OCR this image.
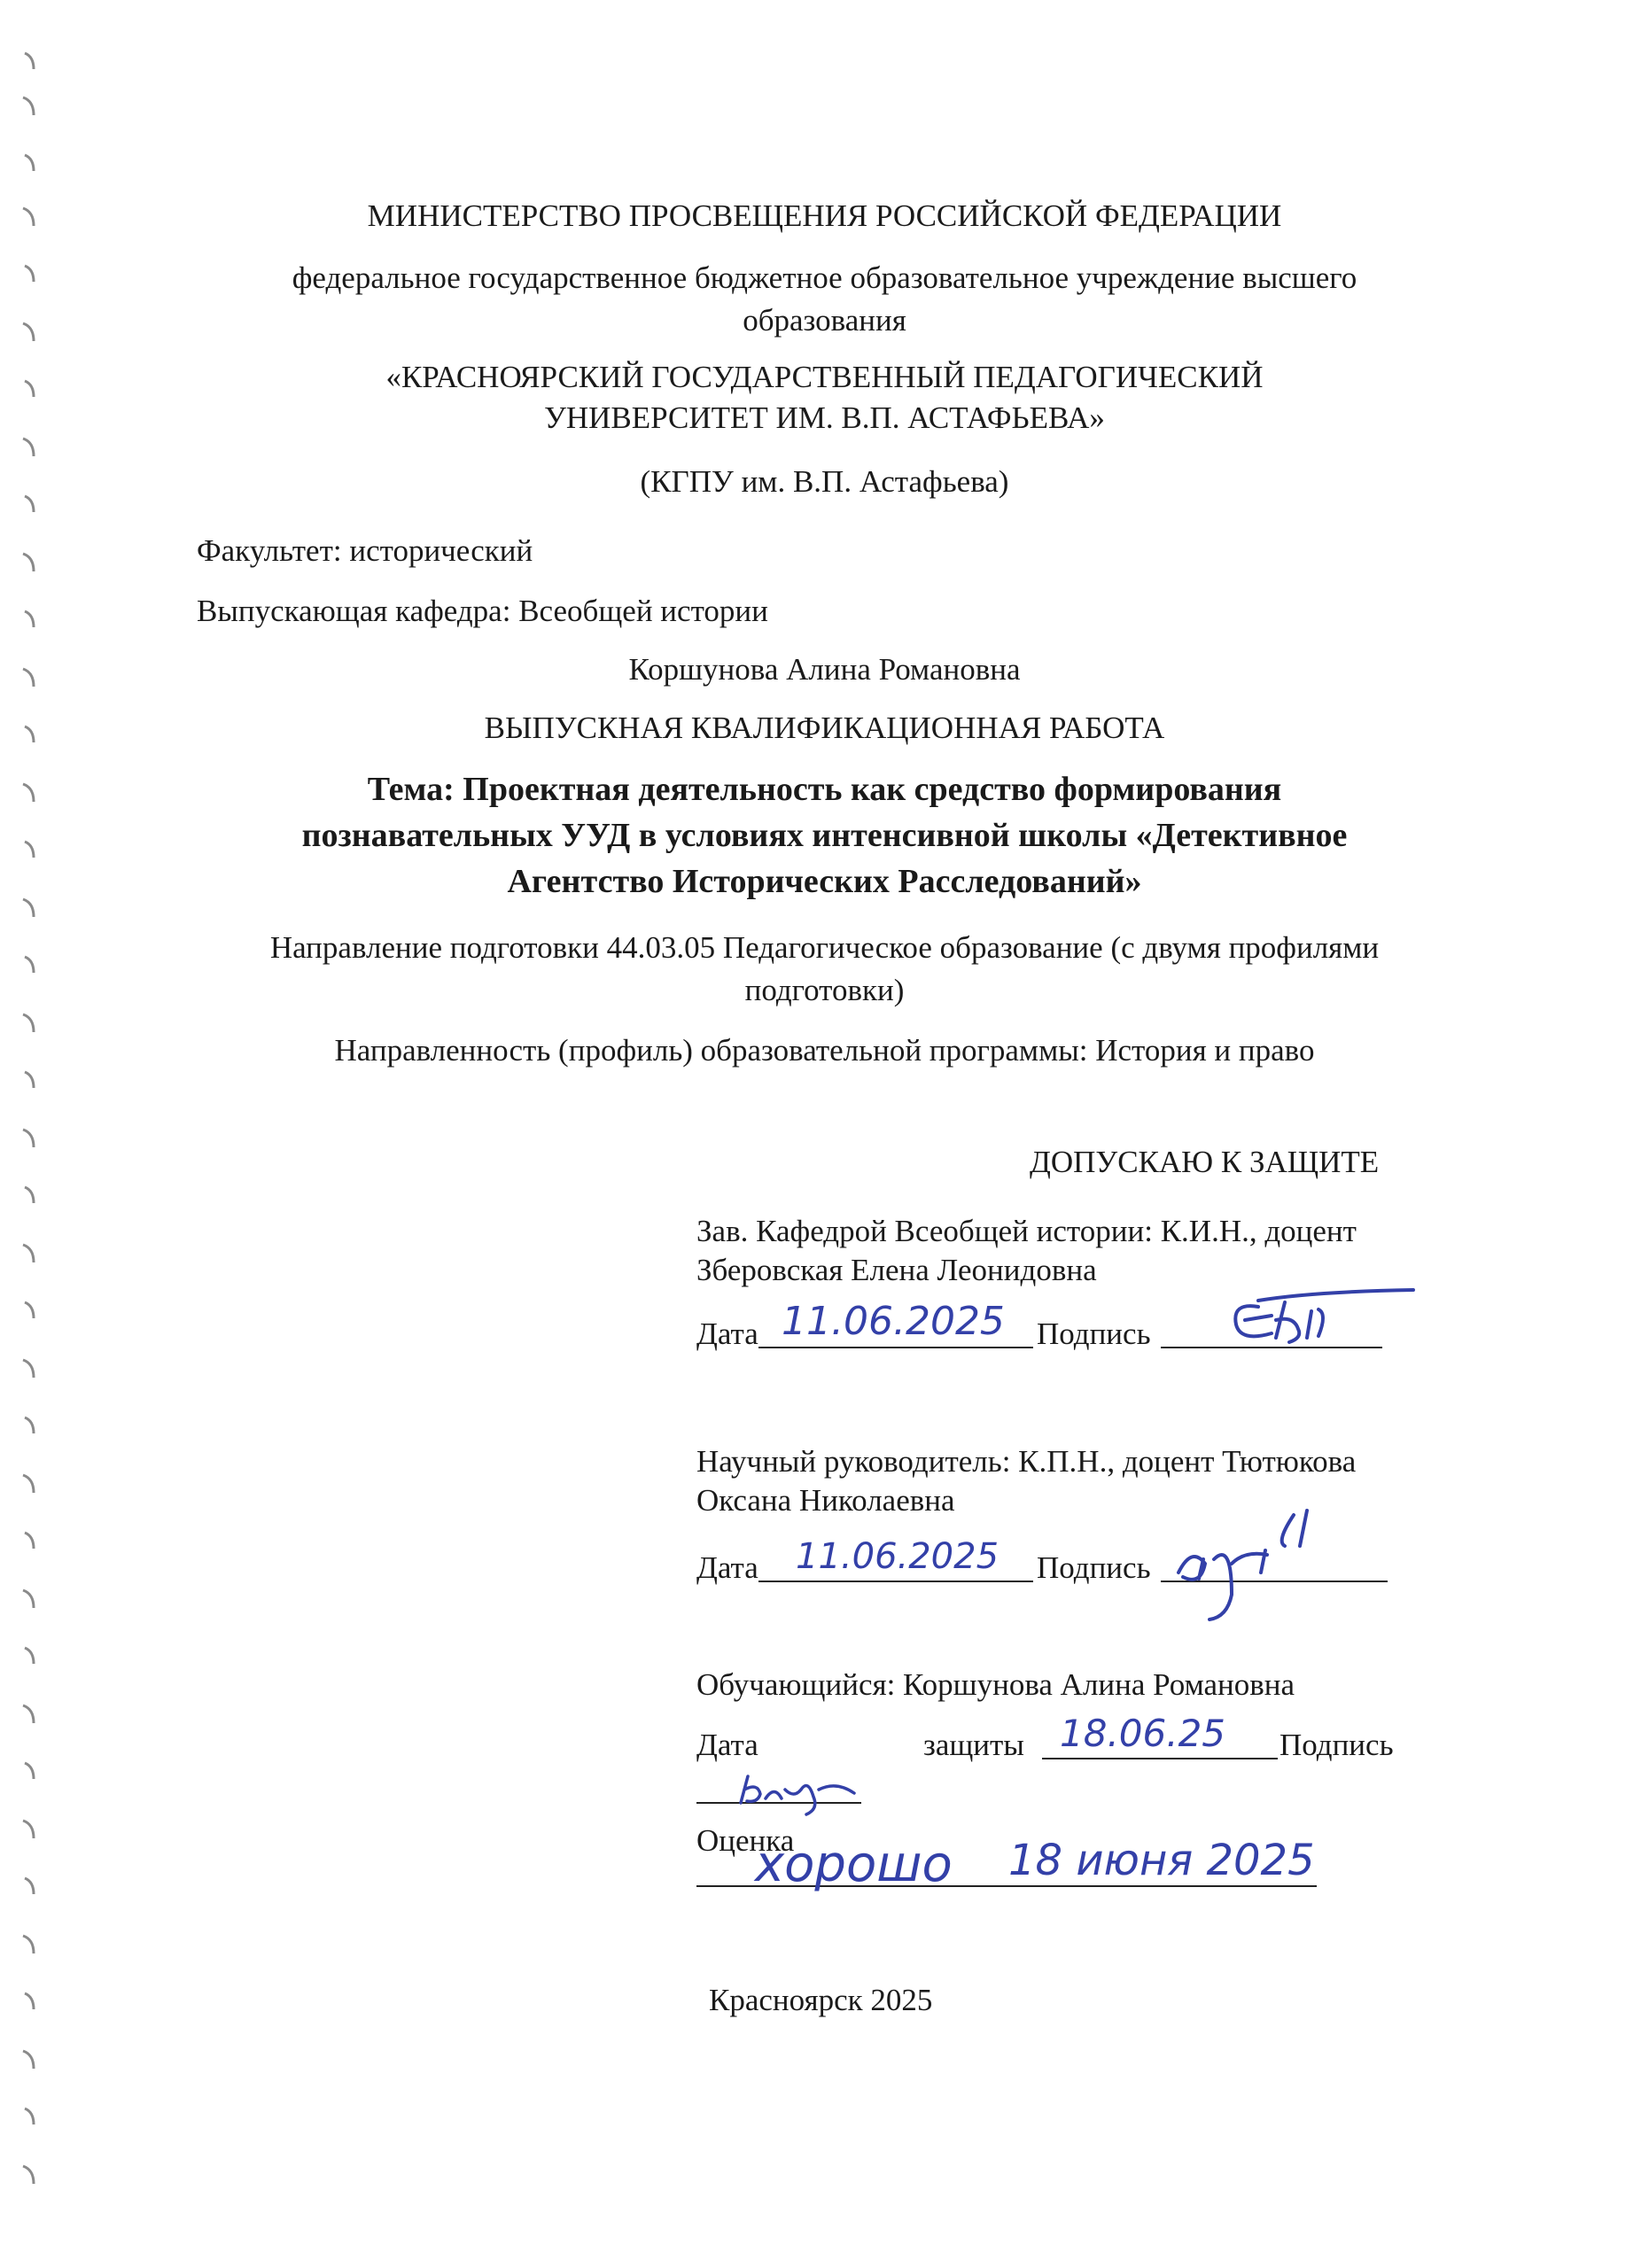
МИНИСТЕРСТВО ПРОСВЕЩЕНИЯ РОССИЙСКОЙ ФЕДЕРАЦИИ
федеральное государственное бюджетное образовательное учреждение высшего
образования
«КРАСНОЯРСКИЙ ГОСУДАРСТВЕННЫЙ ПЕДАГОГИЧЕСКИЙ
УНИВЕРСИТЕТ ИМ. В.П. АСТАФЬЕВА»
(КГПУ им. В.П. Астафьева)
Факультет: исторический
Выпускающая кафедра: Всеобщей истории
Коршунова Алина Романовна
ВЫПУСКНАЯ КВАЛИФИКАЦИОННАЯ РАБОТА
Тема: Проектная деятельность как средство формирования
познавательных УУД в условиях интенсивной школы «Детективное
Агентство Исторических Расследований»
Направление подготовки 44.03.05 Педагогическое образование (с двумя профилями
подготовки)
Направленность (профиль) образовательной программы: История и право
ДОПУСКАЮ К ЗАЩИТЕ
Зав. Кафедрой Всеобщей истории: К.И.Н., доцент
Зберовская Елена Леонидовна
Дата 11.06.2025 Подпись
Научный руководитель: К.П.Н., доцент Тютюкова
Оксана Николаевна
Дата 11.06.2025 Подпись
Обучающийся: Коршунова Алина Романовна
Дата	защиты 18.06.25 Подпись
Оценка
хорошо 18 июня 2025
Красноярск 2025
